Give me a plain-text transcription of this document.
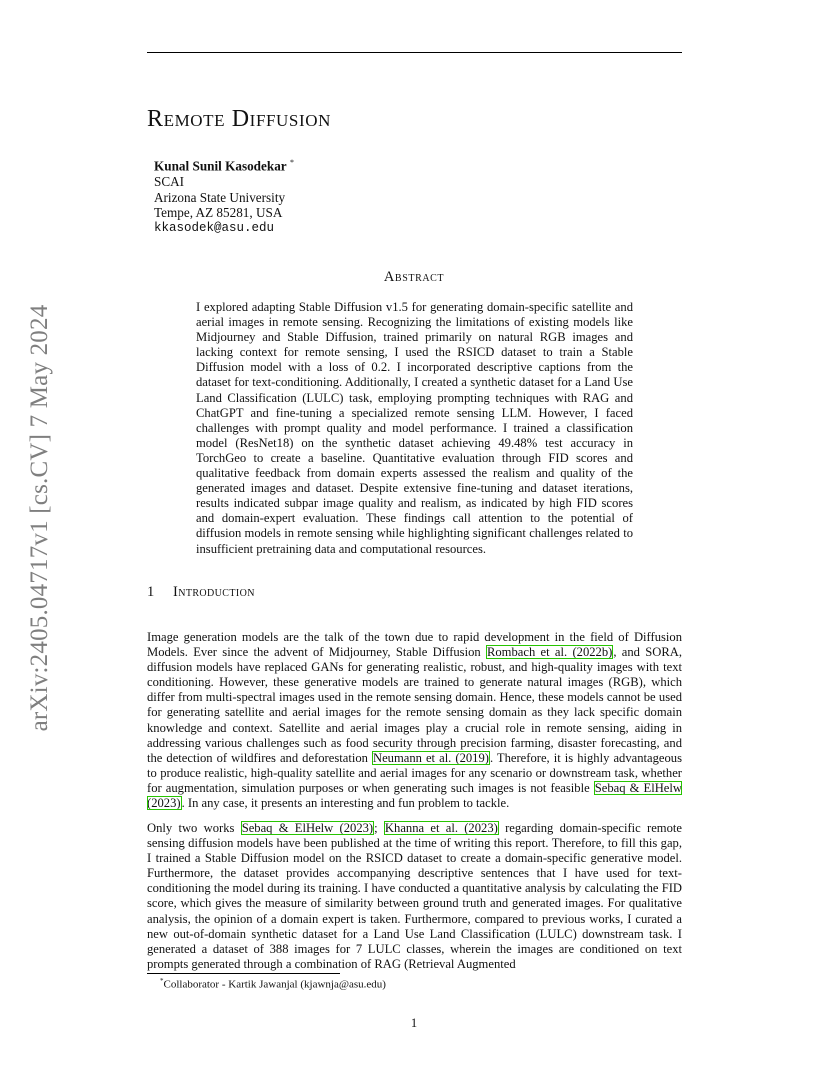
arXiv:2405.04717v1 [cs.CV] 7 May 2024
Remote Diffusion
Kunal Sunil Kasodekar *
SCAI
Arizona State University
Tempe, AZ 85281, USA
kkasodek@asu.edu
Abstract

I explored adapting Stable Diffusion v1.5 for generating domain-specific satellite and aerial images in remote sensing. Recognizing the limitations of existing models like Midjourney and Stable Diffusion, trained primarily on natural RGB images and lacking context for remote sensing, I used the RSICD dataset to train a Stable Diffusion model with a loss of 0.2. I incorporated descriptive captions from the dataset for text-conditioning. Additionally, I created a synthetic dataset for a Land Use Land Classification (LULC) task, employing prompting techniques with RAG and ChatGPT and fine-tuning a specialized remote sensing LLM. However, I faced challenges with prompt quality and model performance. I trained a classification model (ResNet18) on the synthetic dataset achieving 49.48% test accuracy in TorchGeo to create a baseline. Quantitative evaluation through FID scores and qualitative feedback from domain experts assessed the realism and quality of the generated images and dataset. Despite extensive fine-tuning and dataset iterations, results indicated subpar image quality and realism, as indicated by high FID scores and domain-expert evaluation. These findings call attention to the potential of diffusion models in remote sensing while highlighting significant challenges related to insufficient pretraining data and computational resources.

1 Introduction

Image generation models are the talk of the town due to rapid development in the field of Diffusion Models. Ever since the advent of Midjourney, Stable Diffusion Rombach et al. (2022b), and SORA, diffusion models have replaced GANs for generating realistic, robust, and high-quality images with text conditioning. However, these generative models are trained to generate natural images (RGB), which differ from multi-spectral images used in the remote sensing domain. Hence, these models cannot be used for generating satellite and aerial images for the remote sensing domain as they lack specific domain knowledge and context. Satellite and aerial images play a crucial role in remote sensing, aiding in addressing various challenges such as food security through precision farming, disaster forecasting, and the detection of wildfires and deforestation Neumann et al. (2019). Therefore, it is highly advantageous to produce realistic, high-quality satellite and aerial images for any scenario or downstream task, whether for augmentation, simulation purposes or when generating such images is not feasible Sebaq & ElHelw (2023). In any case, it presents an interesting and fun problem to tackle.

Only two works Sebaq & ElHelw (2023); Khanna et al. (2023) regarding domain-specific remote sensing diffusion models have been published at the time of writing this report. Therefore, to fill this gap, I trained a Stable Diffusion model on the RSICD dataset to create a domain-specific generative model. Furthermore, the dataset provides accompanying descriptive sentences that I have used for text-conditioning the model during its training. I have conducted a quantitative analysis by calculating the FID score, which gives the measure of similarity between ground truth and generated images. For qualitative analysis, the opinion of a domain expert is taken. Furthermore, compared to previous works, I curated a new out-of-domain synthetic dataset for a Land Use Land Classification (LULC) downstream task. I generated a dataset of 388 images for 7 LULC classes, wherein the images are conditioned on text prompts generated through a combination of RAG (Retrieval Augmented

*Collaborator - Kartik Jawanjal (kjawnja@asu.edu)
1
